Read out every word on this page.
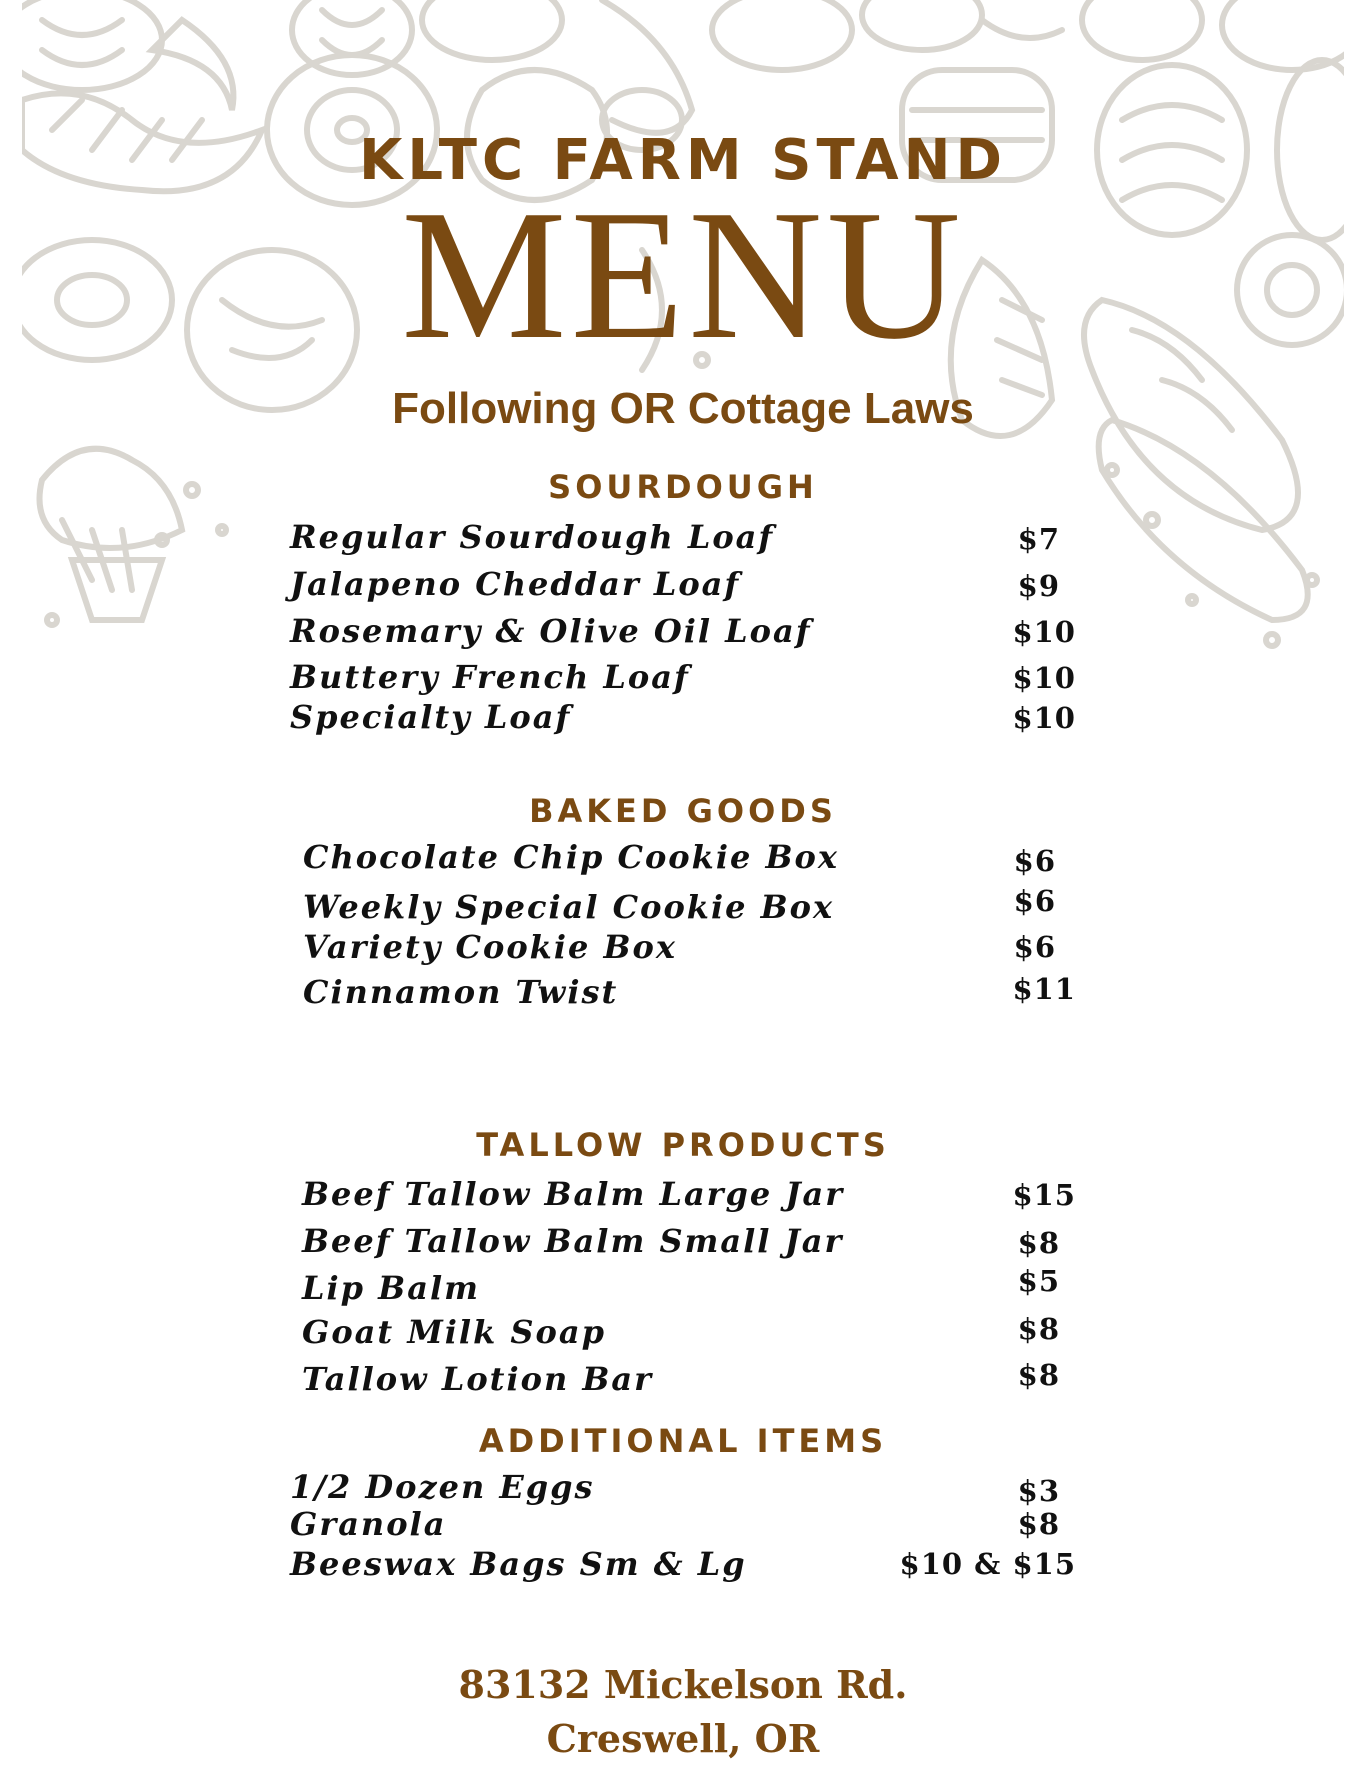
KLTC FARM STAND
MENU
Following OR Cottage Laws
SOURDOUGH
Regular Sourdough Loaf	$7
Jalapeno Cheddar Loaf	$9
Rosemary & Olive Oil Loaf	$10
Buttery French Loaf	$10
Specialty Loaf	$10
BAKED GOODS
Chocolate Chip Cookie Box	$6
Weekly Special Cookie Box	$6
Variety Cookie Box	$6
Cinnamon Twist	$11
TALLOW PRODUCTS
Beef Tallow Balm Large Jar	$15
Beef Tallow Balm Small Jar	$8
Lip Balm	$5
Goat Milk Soap	$8
Tallow Lotion Bar	$8
ADDITIONAL ITEMS
1/2 Dozen Eggs	$3
Granola	$8
Beeswax Bags Sm & Lg	$10 & $15
83132 Mickelson Rd.
Creswell, OR
